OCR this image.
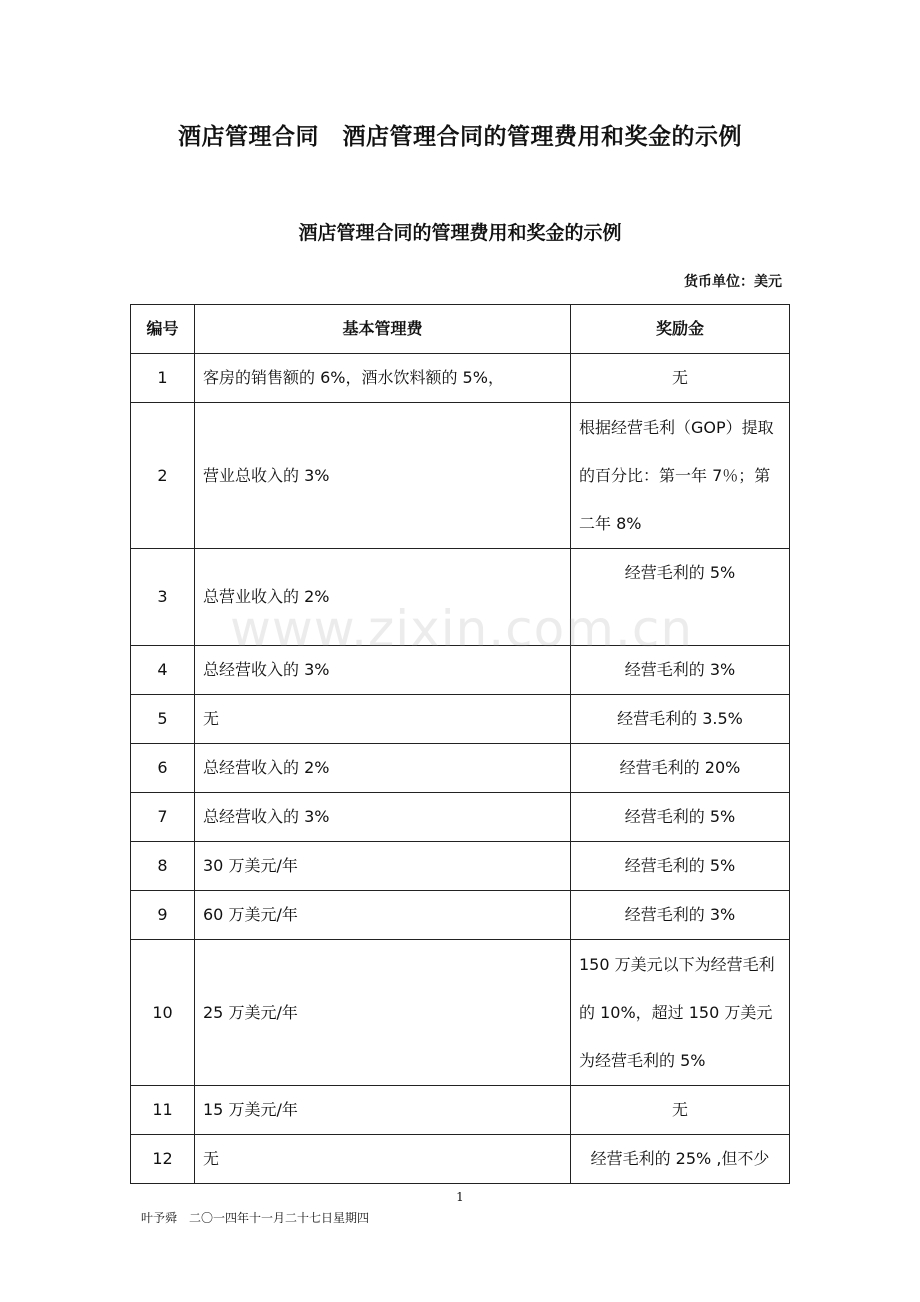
酒店管理合同　酒店管理合同的管理费用和奖金的示例
酒店管理合同的管理费用和奖金的示例
货币单位：美元
编号	基本管理费	奖励金
1	客房的销售额的 6%，酒水饮料额的 5%，	无
2	营业总收入的 3%	根据经营毛利（GOP）提取的百分比：第一年 7％；第二年 8%
3	总营业收入的 2%	经营毛利的 5%
4	总经营收入的 3%	经营毛利的 3%
5	无	经营毛利的 3.5%
6	总经营收入的 2%	经营毛利的 20%
7	总经营收入的 3%	经营毛利的 5%
8	30 万美元/年	经营毛利的 5%
9	60 万美元/年	经营毛利的 3%
10	25 万美元/年	150 万美元以下为经营毛利的 10%，超过 150 万美元为经营毛利的 5%
11	15 万美元/年	无
12	无	经营毛利的 25% ,但不少
www.zixin.com.cn
1
叶予舜　二〇一四年十一月二十七日星期四
